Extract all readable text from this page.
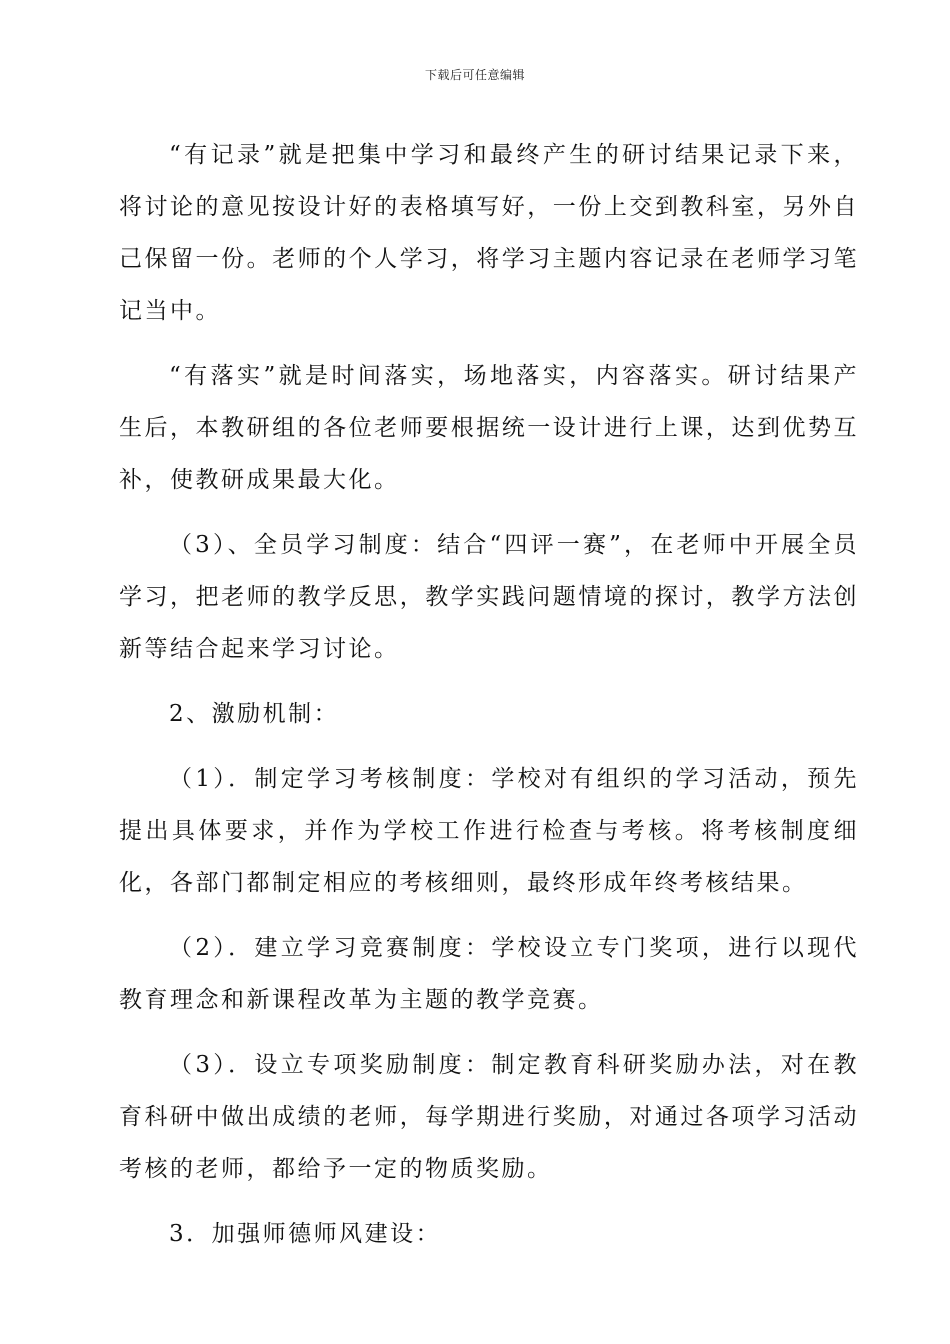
下载后可任意编辑

“有记录”就是把集中学习和最终产生的研讨结果记录下来，将讨论的意见按设计好的表格填写好，一份上交到教科室，另外自己保留一份。老师的个人学习，将学习主题内容记录在老师学习笔记当中。

“有落实”就是时间落实，场地落实，内容落实。研讨结果产生后，本教研组的各位老师要根据统一设计进行上课，达到优势互补，使教研成果最大化。

（3）、全员学习制度：结合“四评一赛”，在老师中开展全员学习，把老师的教学反思，教学实践问题情境的探讨，教学方法创新等结合起来学习讨论。

2、激励机制：

（1）．制定学习考核制度：学校对有组织的学习活动，预先提出具体要求，并作为学校工作进行检查与考核。将考核制度细化，各部门都制定相应的考核细则，最终形成年终考核结果。

（2）．建立学习竞赛制度：学校设立专门奖项，进行以现代教育理念和新课程改革为主题的教学竞赛。

（3）．设立专项奖励制度：制定教育科研奖励办法，对在教育科研中做出成绩的老师，每学期进行奖励，对通过各项学习活动考核的老师，都给予一定的物质奖励。

3．加强师德师风建设：
